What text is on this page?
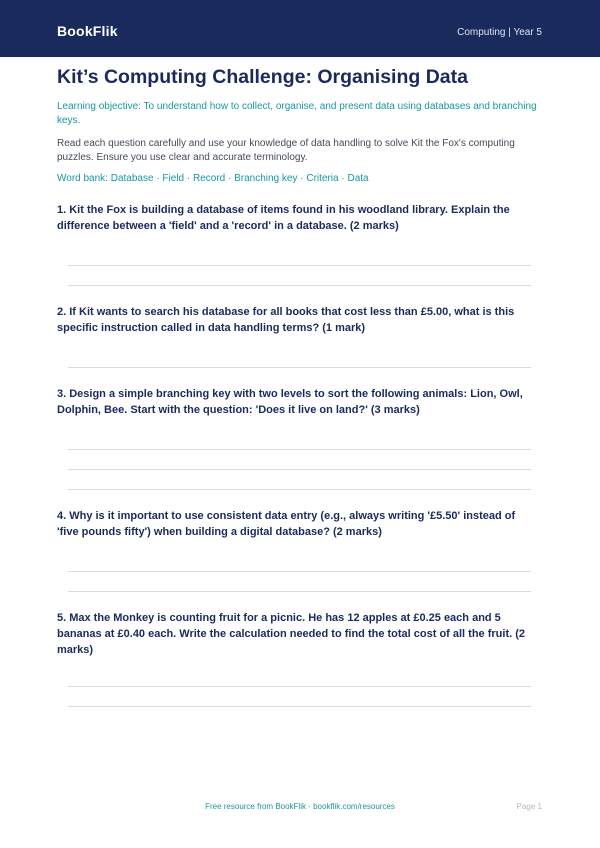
BookFlik	Computing | Year 5
Kit’s Computing Challenge: Organising Data
Learning objective: To understand how to collect, organise, and present data using databases and branching keys.
Read each question carefully and use your knowledge of data handling to solve Kit the Fox's computing puzzles. Ensure you use clear and accurate terminology.
Word bank: Database · Field · Record · Branching key · Criteria · Data
1. Kit the Fox is building a database of items found in his woodland library. Explain the difference between a 'field' and a 'record' in a database. (2 marks)
2. If Kit wants to search his database for all books that cost less than £5.00, what is this specific instruction called in data handling terms? (1 mark)
3. Design a simple branching key with two levels to sort the following animals: Lion, Owl, Dolphin, Bee. Start with the question: 'Does it live on land?' (3 marks)
4. Why is it important to use consistent data entry (e.g., always writing '£5.50' instead of 'five pounds fifty') when building a digital database? (2 marks)
5. Max the Monkey is counting fruit for a picnic. He has 12 apples at £0.25 each and 5 bananas at £0.40 each. Write the calculation needed to find the total cost of all the fruit. (2 marks)
Free resource from BookFlik · bookflik.com/resources	Page 1
